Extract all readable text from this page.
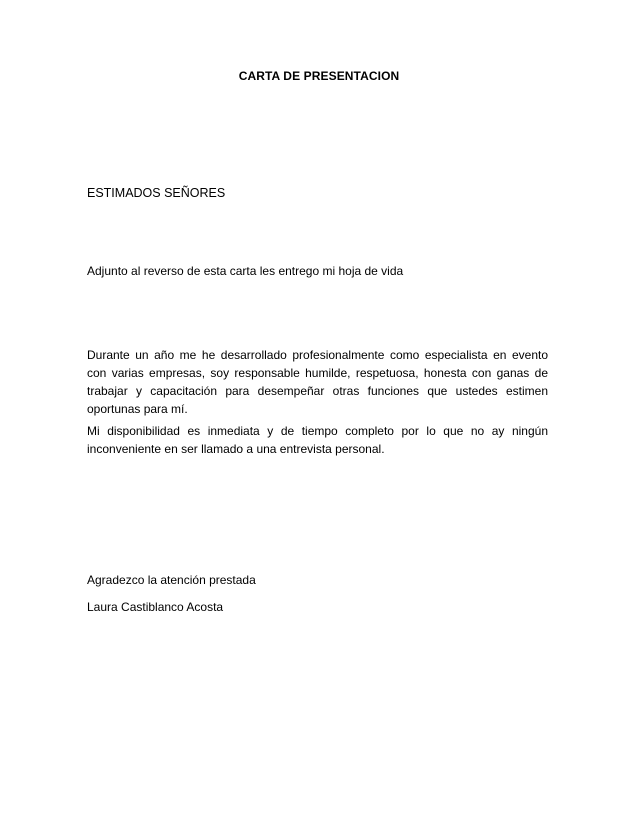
CARTA DE PRESENTACION
ESTIMADOS SEÑORES
Adjunto al reverso de esta carta les entrego mi hoja de vida

Durante un año me he desarrollado profesionalmente como especialista en evento con varias empresas, soy responsable humilde, respetuosa, honesta con ganas de trabajar y capacitación para desempeñar otras funciones que ustedes estimen oportunas para mí.

Mi disponibilidad es inmediata y de tiempo completo por lo que no ay ningún inconveniente en ser llamado a una entrevista personal.

Agradezco la atención prestada
Laura Castiblanco Acosta
